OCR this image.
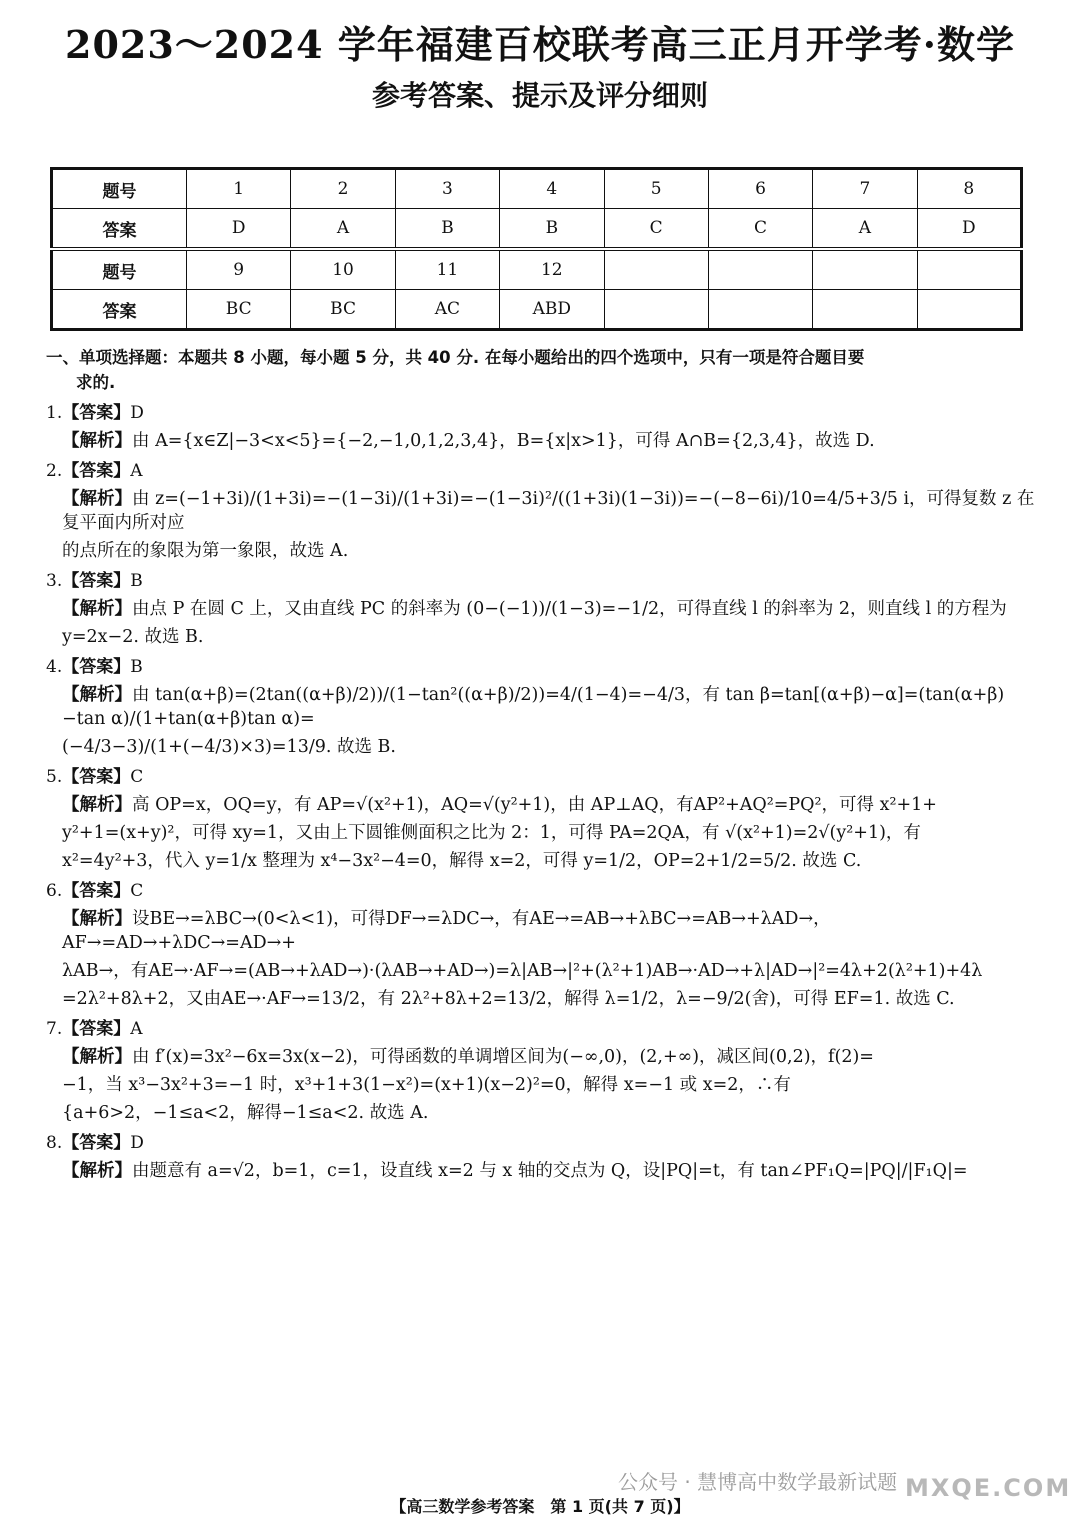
2023～2024 学年福建百校联考高三正月开学考·数学
参考答案、提示及评分细则
题号	1	2	3	4	5	6	7	8
答案	D	A	B	B	C	C	A	D
题号	9	10	11	12				
答案	BC	BC	AC	ABD				
一、单项选择题：本题共 8 小题，每小题 5 分，共 40 分. 在每小题给出的四个选项中，只有一项是符合题目要
求的.
1.【答案】D

【解析】由 A={x∈Z|−3<x<5}={−2,−1,0,1,2,3,4}，B={x|x>1}，可得 A∩B={2,3,4}，故选 D.

2.【答案】A

【解析】由 z=(−1+3i)/(1+3i)=−(1−3i)/(1+3i)=−(1−3i)²/((1+3i)(1−3i))=−(−8−6i)/10=4/5+3/5 i，可得复数 z 在复平面内所对应

的点所在的象限为第一象限，故选 A.

3.【答案】B

【解析】由点 P 在圆 C 上，又由直线 PC 的斜率为 (0−(−1))/(1−3)=−1/2，可得直线 l 的斜率为 2，则直线 l 的方程为

y=2x−2. 故选 B.

4.【答案】B

【解析】由 tan(α+β)=(2tan((α+β)/2))/(1−tan²((α+β)/2))=4/(1−4)=−4/3，有 tan β=tan[(α+β)−α]=(tan(α+β)−tan α)/(1+tan(α+β)tan α)=

(−4/3−3)/(1+(−4/3)×3)=13/9. 故选 B.

5.【答案】C

【解析】高 OP=x，OQ=y，有 AP=√(x²+1)，AQ=√(y²+1)，由 AP⊥AQ，有AP²+AQ²=PQ²，可得 x²+1+

y²+1=(x+y)²，可得 xy=1，又由上下圆锥侧面积之比为 2：1，可得 PA=2QA，有 √(x²+1)=2√(y²+1)，有

x²=4y²+3，代入 y=1/x 整理为 x⁴−3x²−4=0，解得 x=2，可得 y=1/2，OP=2+1/2=5/2. 故选 C.

6.【答案】C

【解析】设BE→=λBC→(0<λ<1)，可得DF→=λDC→，有AE→=AB→+λBC→=AB→+λAD→，AF→=AD→+λDC→=AD→+

λAB→，有AE→·AF→=(AB→+λAD→)·(λAB→+AD→)=λ|AB→|²+(λ²+1)AB→·AD→+λ|AD→|²=4λ+2(λ²+1)+4λ

=2λ²+8λ+2，又由AE→·AF→=13/2，有 2λ²+8λ+2=13/2，解得 λ=1/2，λ=−9/2(舍)，可得 EF=1. 故选 C.

7.【答案】A

【解析】由 f′(x)=3x²−6x=3x(x−2)，可得函数的单调增区间为(−∞,0)，(2,+∞)，减区间(0,2)，f(2)=

−1，当 x³−3x²+3=−1 时，x³+1+3(1−x²)=(x+1)(x−2)²=0，解得 x=−1 或 x=2，∴有

{a+6>2，−1≤a<2，解得−1≤a<2. 故选 A.

8.【答案】D

【解析】由题意有 a=√2，b=1，c=1，设直线 x=2 与 x 轴的交点为 Q，设|PQ|=t，有 tan∠PF₁Q=|PQ|/|F₁Q|=

公众号 · 慧博高中数学最新试题 MXQE.COM
【高三数学参考答案　第 1 页(共 7 页)】
